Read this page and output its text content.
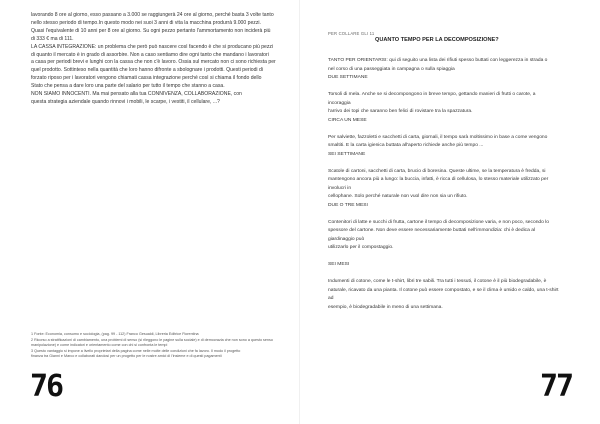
lavorando 8 ore al giorno, esso passano a 3.000 se raggiungerà 24 ore al giorno, perché basta 3 volte tanto

nello stesso periodo di tempo.In questo modo nei suoi 3 anni di vita la macchina produrrà 9.000 pezzi.

Quasi l'equivalente di 10 anni per 8 ore al giorno. Su ogni pezzo pertanto l'ammortamento non inciderà più

di 333 € ma di 111.

LA CASSA INTEGRAZIONE: un problema che però può nascere così facendo è che si producano più pezzi

di quanto il mercato è in grado di assorbire. Non a caso sentiamo dire ogni tanto che mandano i lavoratori

a casa per periodi brevi e lunghi con la cassa che non c'è lavoro. Ossia sul mercato non ci sono richiesta per

quel prodotto. Sottinteso nella quantità che loro hanno difronte a sbolognare i prodotti. Questi periodi di

forzato riposo per i lavoratori vengono chiamati cassa integrazione perché così si chiama il fondo dello

Stato che pensa a dare loro una parte del salario per tutto il tempo che stanno a casa.

NON SIAMO INNOCENTI. Ma mai pensato alla tua CONNIVENZA, COLLABORAZIONE, con

questa strategia aziendale quando rinnovi i mobili, le scarpe, i vestiti, il cellulare, ...?

1 Fonte: Economia, consumo e sociologia, (pag. 99 - 112) Franco Gesualdi, Libreria Editrice Fiorentina

2 Ricorso a stratificazioni di cambiamento, una problemi di senso (si rileggono le pagine sulla sociale) e di democrazia che non sono a questo senso

manipolazione) e come indicatori e orientamento come con chi si confronta le tempi

3 Questo vantaggio si impone a livello proprietari della pagina come nelle molte delle condizioni che fa lavoro. Il modo il progetto

finanza tra Gianni e Marco e collaborati dandosi per un progetto per le nostre amici di l'insieme e di questi pagamenti

76
PER COLLARE GLI 11
QUANTO TEMPO PER LA DECOMPOSIZIONE?

TANTO PER ORIENTARSI: qui di seguito una lista dei rifiuti spesso buttati con leggerezza in strada o

nel corso di una passeggiata in campagna o sulla spiaggia

DUE SETTIMANE

Torsoli di mela. Anche se si decompongono in breve tempo, gettando manieri di frutti o carote, a

incoraggia

l'arrivo dei topi che saranno ben felici di rovistare tra la spazzatura.

CIRCA UN MESE

Per salviette, fazzoletti e sacchetti di carta, giornali, il tempo sarà moltissimo in base a come vengono

smaltiti. E la carta igienica buttata all'aperto richiede anche più tempo ...

SEI SETTIMANE

Scatole di cartoni, sacchetti di carta, brucio di boresina. Queste ultime, se la temperatura è fredda, si

mantengono ancora più a lungo: la buccia, infatti, è ricca di cellulosa, lo stesso materiale utilizzato per

involucri in

cellophane. Solo perché naturale non vuol dire non sia un rifiuto.

DUE O TRE MESI

Contenitori di latte e succhi di frutta, cartone il tempo di decomposizione varia, e non poco, secondo lo

spessore del cartone. Non deve essere necessariamente buttati nell'immondizia: chi è dedica al

giardinaggio può

utilizzarlo per il compostaggio.

SEI MESI

Indumenti di cotone, come le t-shirt, libri tre sabili. Tra tutti i tessuti, il cotone è il più biodegradabile, è

naturale, ricavato da una pianta. Il cotone può essere compostato, e se il clima è umido e caldo, una t-shirt

ad

esempio, è biodegradabile in meno di una settimana.

77
